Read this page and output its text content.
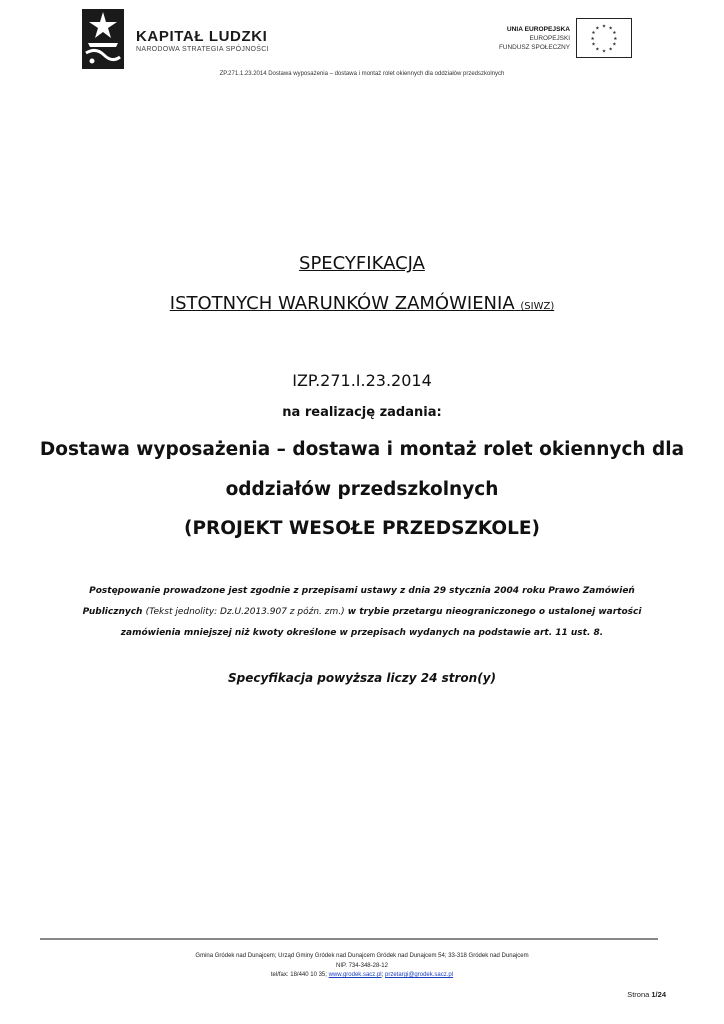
KAPITAŁ LUDZKI
NARODOWA STRATEGIA SPÓJNOŚCI
UNIA EUROPEJSKA
EUROPEJSKI
FUNDUSZ SPOŁECZNY
★ ★
★
★
★
★
★
★
★
★
★
★
ZP.271.1.23.2014 Dostawa wyposażenia – dostawa i montaż rolet okiennych dla oddziałów przedszkolnych
SPECYFIKACJA
ISTOTNYCH WARUNKÓW ZAMÓWIENIA (SIWZ)
IZP.271.I.23.2014
na realizację zadania:
Dostawa wyposażenia – dostawa i montaż rolet okiennych dla
oddziałów przedszkolnych
(PROJEKT WESOŁE PRZEDSZKOLE)
Postępowanie prowadzone jest zgodnie z przepisami ustawy z dnia 29 stycznia 2004 roku Prawo Zamówień Publicznych (Tekst jednolity: Dz.U.2013.907 z późn. zm.) w trybie przetargu nieograniczonego o ustalonej wartości zamówienia mniejszej niż kwoty określone w przepisach wydanych na podstawie art. 11 ust. 8.
Specyfikacja powyższa liczy 24 stron(y)
Gmina Gródek nad Dunajcem; Urząd Gminy Gródek nad Dunajcem Gródek nad Dunajcem 54; 33-318 Gródek nad Dunajcem
NIP. 734-348-28-12
tel/fax: 18/440 10 35; www.grodek.sacz.pl; przetargi@grodek.sacz.pl
Strona 1/24
